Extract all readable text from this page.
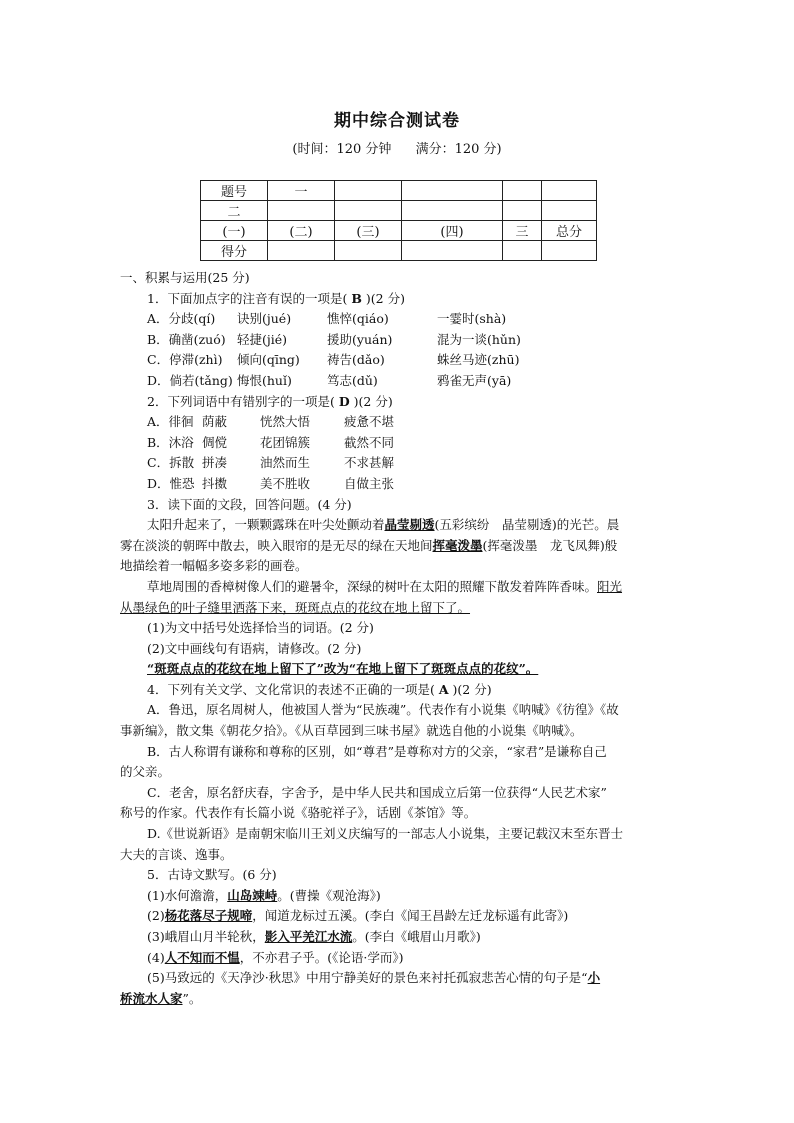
期中综合测试卷
(时间：120 分钟 满分：120 分)
题号	一				
二					
(一)	(二)	(三)	(四)	三	总分
得分					
一、积累与运用(25 分)
1．下面加点字的注音有误的一项是( B )(2 分)
A．分歧(qí) 诀别(jué)	憔悴(qiáo)	一霎时(shà)
B．确凿(zuó) 轻捷(jié)	援助(yuán)	混为一谈(hǔn)
C．停滞(zhì) 倾向(qīng) 祷告(dǎo)	蛛丝马迹(zhū)
D．倘若(tǎng) 悔恨(huǐ)	笃志(dǔ)	鸦雀无声(yā)
2．下列词语中有错别字的一项是( D )(2 分)
A．徘徊 荫蔽	恍然大悟	疲惫不堪
B．沐浴 倜傥	花团锦簇	截然不同
C．拆散 拼凑	油然而生	不求甚解
D．惟恐 抖擞	美不胜收	自做主张
3．读下面的文段，回答问题。(4 分)
太阳升起来了，一颗颗露珠在叶尖处颤动着晶莹剔透(五彩缤纷　晶莹剔透)的光芒。晨
雾在淡淡的朝晖中散去，映入眼帘的是无尽的绿在天地间挥毫泼墨(挥毫泼墨　龙飞凤舞)般
地描绘着一幅幅多姿多彩的画卷。
草地周围的香樟树像人们的避暑伞，深绿的树叶在太阳的照耀下散发着阵阵香味。阳光
从墨绿色的叶子缝里洒落下来，斑斑点点的花纹在地上留下了。
(1)为文中括号处选择恰当的词语。(2 分)
(2)文中画线句有语病，请修改。(2 分)
“斑斑点点的花纹在地上留下了”改为“在地上留下了斑斑点点的花纹”。
4．下列有关文学、文化常识的表述不正确的一项是( A )(2 分)
A．鲁迅，原名周树人，他被国人誉为“民族魂”。代表作有小说集《呐喊》《彷徨》《故
事新编》，散文集《朝花夕拾》。《从百草园到三味书屋》就选自他的小说集《呐喊》。
B．古人称谓有谦称和尊称的区别，如“尊君”是尊称对方的父亲，“家君”是谦称自己
的父亲。
C．老舍，原名舒庆春，字舍予，是中华人民共和国成立后第一位获得“人民艺术家”
称号的作家。代表作有长篇小说《骆驼祥子》，话剧《茶馆》等。
D.《世说新语》是南朝宋临川王刘义庆编写的一部志人小说集，主要记载汉末至东晋士
大夫的言谈、逸事。
5．古诗文默写。(6 分)
(1)水何澹澹，山岛竦峙。(曹操《观沧海》)
(2)杨花落尽子规啼，闻道龙标过五溪。(李白《闻王昌龄左迁龙标遥有此寄》)
(3)峨眉山月半轮秋，影入平羌江水流。(李白《峨眉山月歌》)
(4)人不知而不愠，不亦君子乎。(《论语·学而》)
(5)马致远的《天净沙·秋思》中用宁静美好的景色来衬托孤寂悲苦心情的句子是“小
桥流水人家”。
